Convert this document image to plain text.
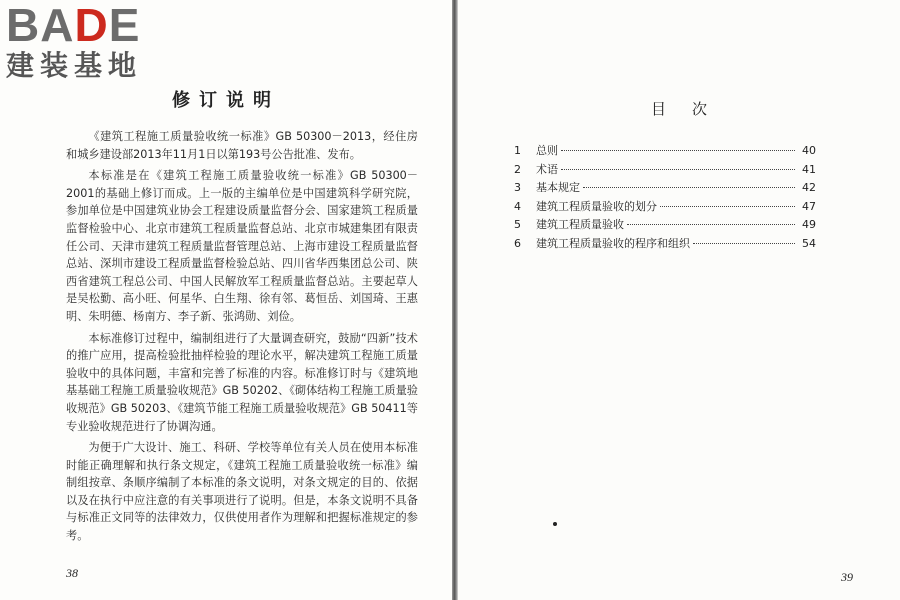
BADE
建装基地
修订说明

《建筑工程施工质量验收统一标准》GB 50300－2013，经住房和城乡建设部2013年11月1日以第193号公告批准、发布。

本标准是在《建筑工程施工质量验收统一标准》GB 50300－2001的基础上修订而成。上一版的主编单位是中国建筑科学研究院，参加单位是中国建筑业协会工程建设质量监督分会、国家建筑工程质量监督检验中心、北京市建筑工程质量监督总站、北京市城建集团有限责任公司、天津市建筑工程质量监督管理总站、上海市建设工程质量监督总站、深圳市建设工程质量监督检验总站、四川省华西集团总公司、陕西省建筑工程总公司、中国人民解放军工程质量监督总站。主要起草人是吴松勤、高小旺、何星华、白生翔、徐有邻、葛恒岳、刘国琦、王惠明、朱明德、杨南方、李子新、张鸿勋、刘俭。

本标准修订过程中，编制组进行了大量调查研究，鼓励“四新”技术的推广应用，提高检验批抽样检验的理论水平，解决建筑工程施工质量验收中的具体问题，丰富和完善了标准的内容。标准修订时与《建筑地基基础工程施工质量验收规范》GB 50202、《砌体结构工程施工质量验收规范》GB 50203、《建筑节能工程施工质量验收规范》GB 50411等专业验收规范进行了协调沟通。

为便于广大设计、施工、科研、学校等单位有关人员在使用本标准时能正确理解和执行条文规定，《建筑工程施工质量验收统一标准》编制组按章、条顺序编制了本标准的条文说明，对条文规定的目的、依据以及在执行中应注意的有关事项进行了说明。但是，本条文说明不具备与标准正文同等的法律效力，仅供使用者作为理解和把握标准规定的参考。

38
目次
1	总则	40
2	术语	41
3	基本规定	42
4	建筑工程质量验收的划分	47
5	建筑工程质量验收	49
6	建筑工程质量验收的程序和组织	54
39
